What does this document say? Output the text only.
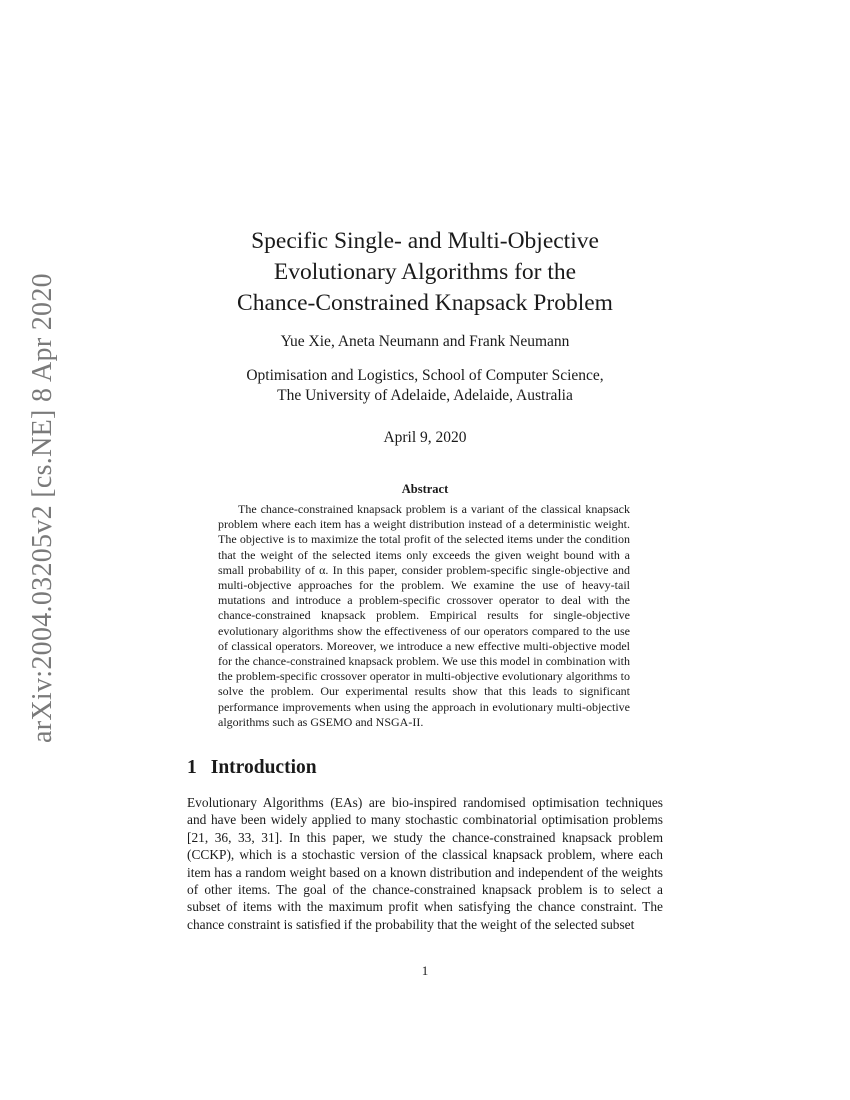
arXiv:2004.03205v2 [cs.NE] 8 Apr 2020
Specific Single- and Multi-Objective
Evolutionary Algorithms for the
Chance-Constrained Knapsack Problem
Yue Xie, Aneta Neumann and Frank Neumann
Optimisation and Logistics, School of Computer Science,
The University of Adelaide, Adelaide, Australia
April 9, 2020
Abstract

The chance-constrained knapsack problem is a variant of the classical knapsack problem where each item has a weight distribution instead of a deterministic weight. The objective is to maximize the total profit of the selected items under the condition that the weight of the selected items only exceeds the given weight bound with a small probability of α. In this paper, consider problem-specific single-objective and multi-objective approaches for the problem. We examine the use of heavy-tail mutations and introduce a problem-specific crossover operator to deal with the chance-constrained knapsack problem. Empirical results for single-objective evolutionary algorithms show the effectiveness of our operators compared to the use of classical operators. Moreover, we introduce a new effective multi-objective model for the chance-constrained knapsack problem. We use this model in combination with the problem-specific crossover operator in multi-objective evolutionary algorithms to solve the problem. Our experimental results show that this leads to significant performance improvements when using the approach in evolutionary multi-objective algorithms such as GSEMO and NSGA-II.

1 Introduction

Evolutionary Algorithms (EAs) are bio-inspired randomised optimisation techniques and have been widely applied to many stochastic combinatorial optimisation problems [21, 36, 33, 31]. In this paper, we study the chance-constrained knapsack problem (CCKP), which is a stochastic version of the classical knapsack problem, where each item has a random weight based on a known distribution and independent of the weights of other items. The goal of the chance-constrained knapsack problem is to select a subset of items with the maximum profit when satisfying the chance constraint. The chance constraint is satisfied if the probability that the weight of the selected subset

1
